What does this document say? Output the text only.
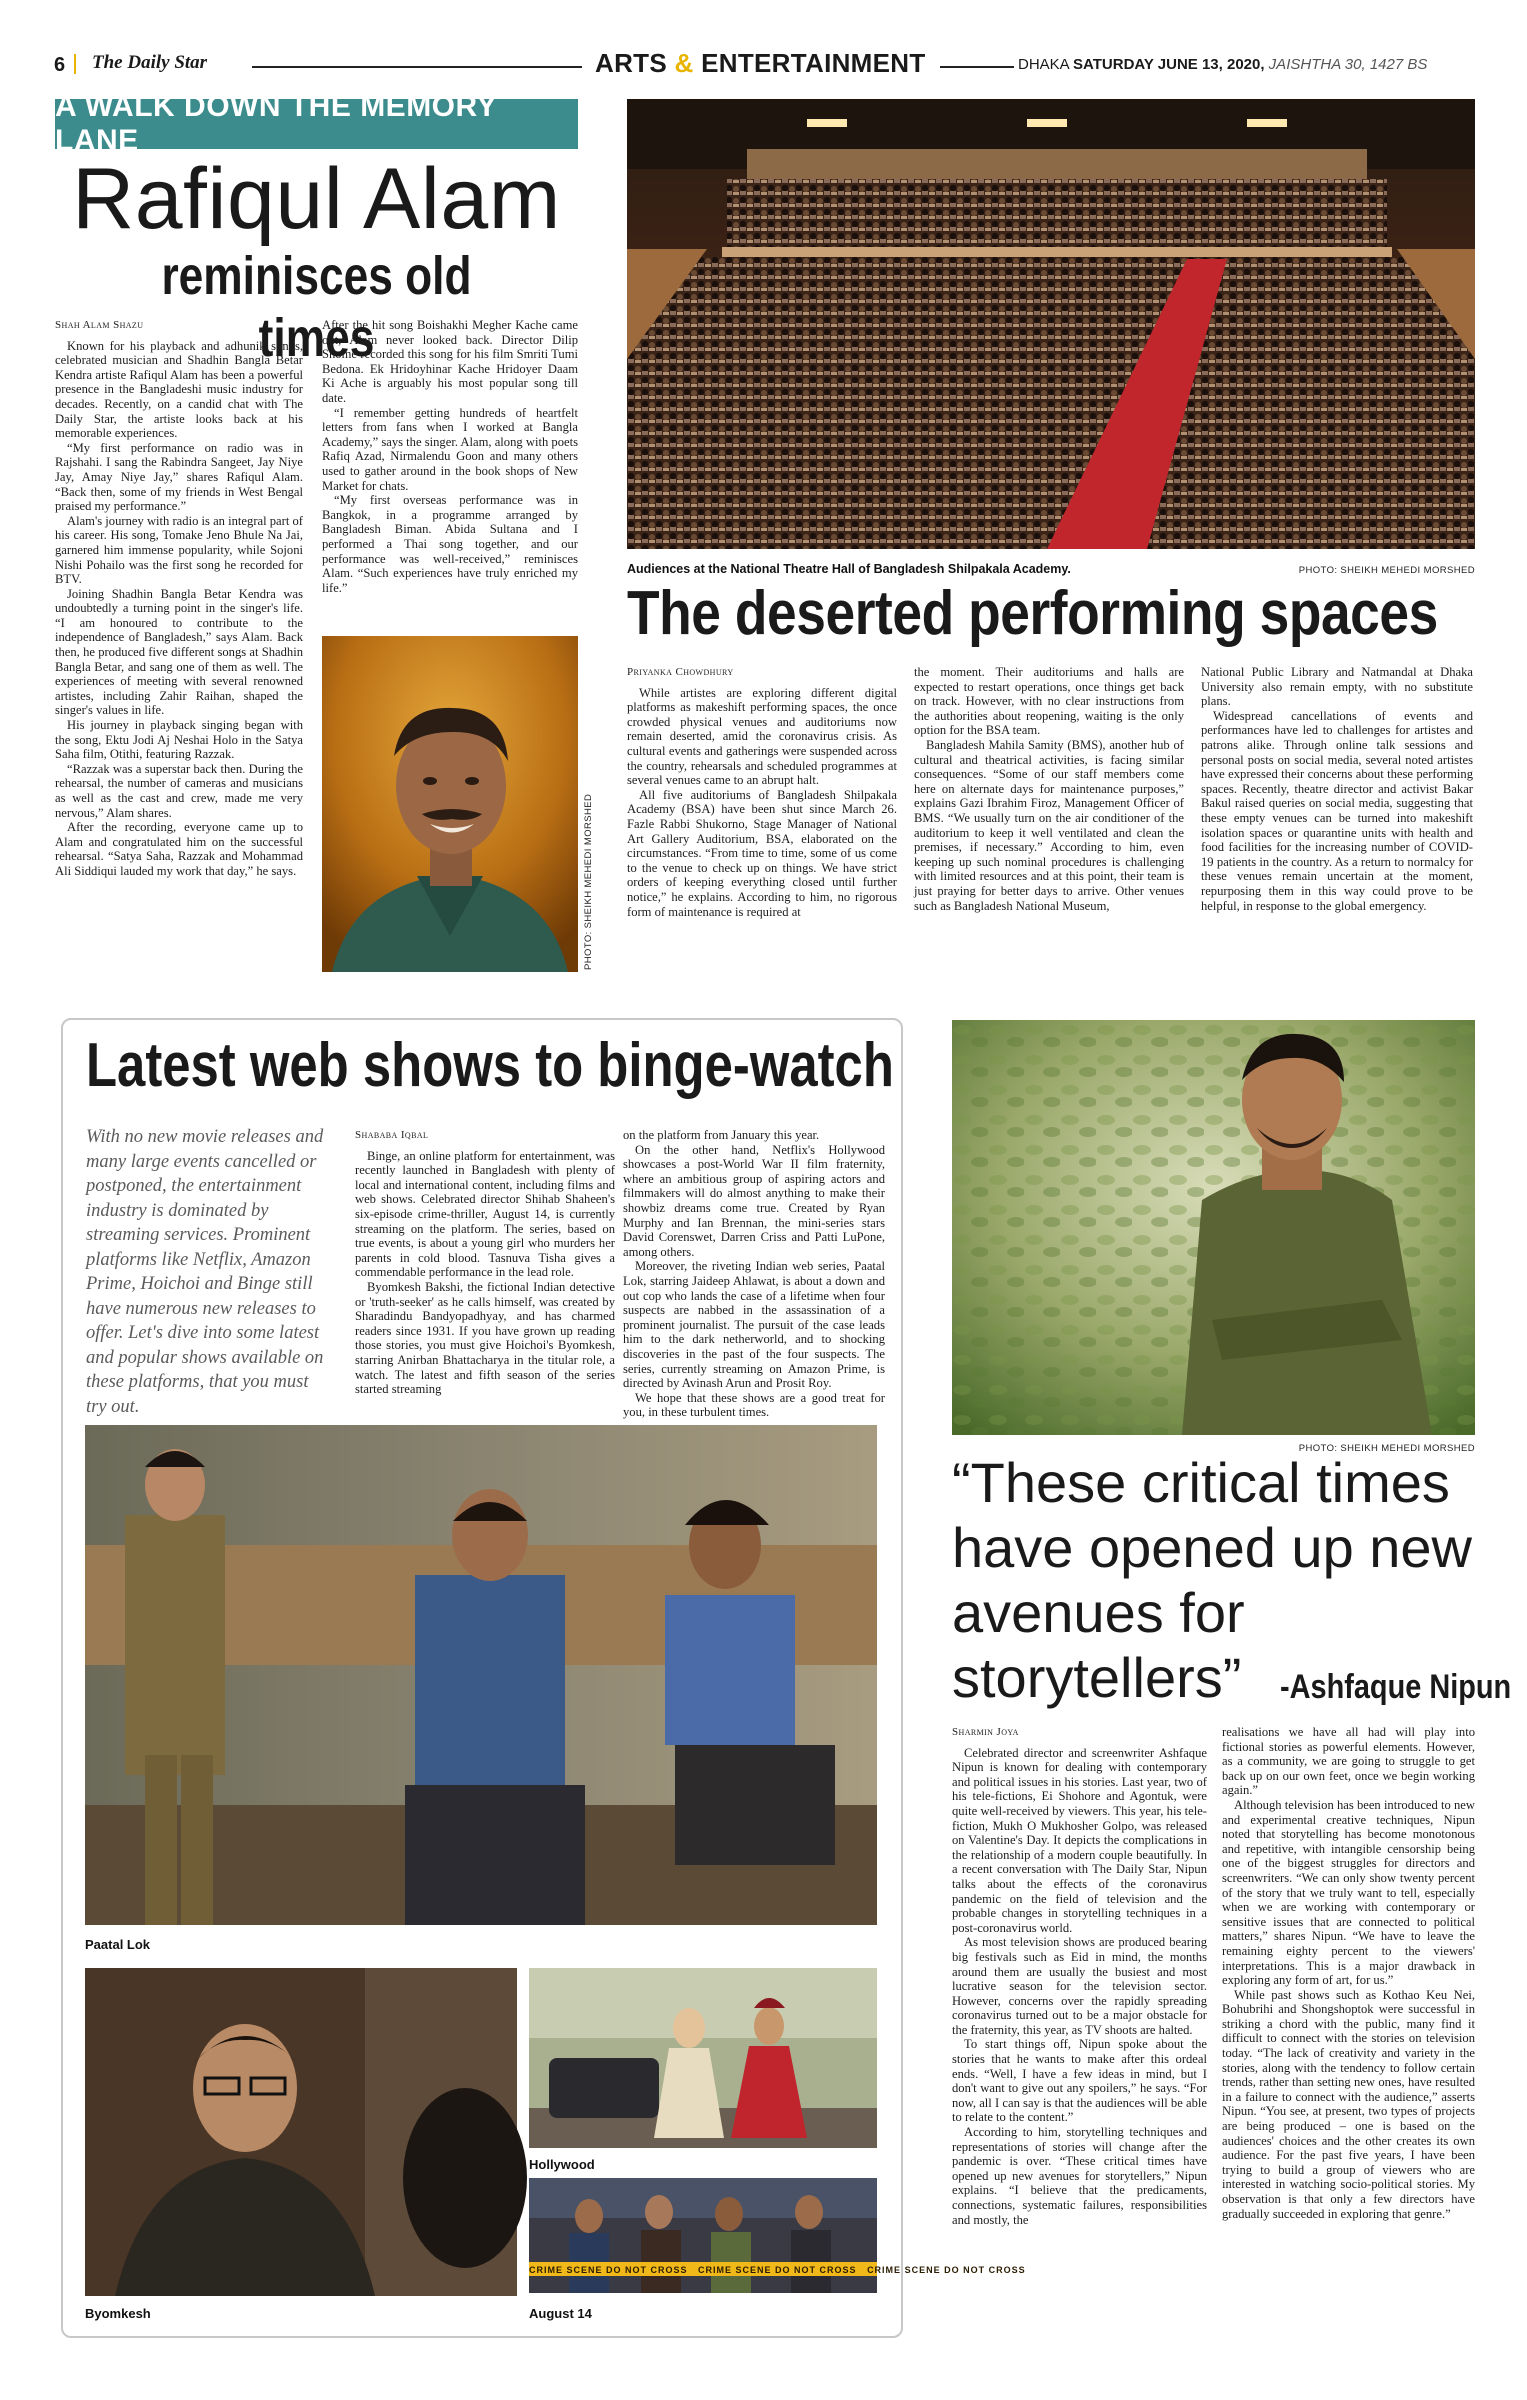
6 The Daily Star	ARTS & ENTERTAINMENT	DHAKA SATURDAY JUNE 13, 2020, JAISHTHA 30, 1427 BS
A WALK DOWN THE MEMORY LANE
Rafiqul Alam
reminisces old times
Shah Alam Shazu

Known for his playback and adhunik songs, celebrated musician and Shadhin Bangla Betar Kendra artiste Rafiqul Alam has been a powerful presence in the Bangladeshi music industry for decades. Recently, on a candid chat with The Daily Star, the artiste looks back at his memorable experiences.

“My first performance on radio was in Rajshahi. I sang the Rabindra Sangeet, Jay Niye Jay, Amay Niye Jay,” shares Rafiqul Alam. “Back then, some of my friends in West Bengal praised my performance.”

Alam's journey with radio is an integral part of his career. His song, Tomake Jeno Bhule Na Jai, garnered him immense popularity, while Sojoni Nishi Pohailo was the first song he recorded for BTV.

Joining Shadhin Bangla Betar Kendra was undoubtedly a turning point in the singer's life. “I am honoured to contribute to the independence of Bangladesh,” says Alam. Back then, he produced five different songs at Shadhin Bangla Betar, and sang one of them as well. The experiences of meeting with several renowned artistes, including Zahir Raihan, shaped the singer's values in life.

His journey in playback singing began with the song, Ektu Jodi Aj Neshai Holo in the Satya Saha film, Otithi, featuring Razzak.

“Razzak was a superstar back then. During the rehearsal, the number of cameras and musicians as well as the cast and crew, made me very nervous,” Alam shares.

After the recording, everyone came up to Alam and congratulated him on the successful rehearsal. “Satya Saha, Razzak and Mohammad Ali Siddiqui lauded my work that day,” he says.

After the hit song Boishakhi Megher Kache came out, Alam never looked back. Director Dilip Shome recorded this song for his film Smriti Tumi Bedona. Ek Hridoyhinar Kache Hridoyer Daam Ki Ache is arguably his most popular song till date.

“I remember getting hundreds of heartfelt letters from fans when I worked at Bangla Academy,” says the singer. Alam, along with poets Rafiq Azad, Nirmalendu Goon and many others used to gather around in the book shops of New Market for chats.

“My first overseas performance was in Bangkok, in a programme arranged by Bangladesh Biman. Abida Sultana and I performed a Thai song together, and our performance was well-received,” reminisces Alam. “Such experiences have truly enriched my life.”

PHOTO: SHEIKH MEHEDI MORSHED
Audiences at the National Theatre Hall of Bangladesh Shilpakala Academy.	PHOTO: SHEIKH MEHEDI MORSHED
The deserted performing spaces
Priyanka Chowdhury

While artistes are exploring different digital platforms as makeshift performing spaces, the once crowded physical venues and auditoriums now remain deserted, amid the coronavirus crisis. As cultural events and gatherings were suspended across the country, rehearsals and scheduled programmes at several venues came to an abrupt halt.

All five auditoriums of Bangladesh Shilpakala Academy (BSA) have been shut since March 26. Fazle Rabbi Shukorno, Stage Manager of National Art Gallery Auditorium, BSA, elaborated on the circumstances. “From time to time, some of us come to the venue to check up on things. We have strict orders of keeping everything closed until further notice,” he explains. According to him, no rigorous form of maintenance is required at

the moment. Their auditoriums and halls are expected to restart operations, once things get back on track. However, with no clear instructions from the authorities about reopening, waiting is the only option for the BSA team.

Bangladesh Mahila Samity (BMS), another hub of cultural and theatrical activities, is facing similar consequences. “Some of our staff members come here on alternate days for maintenance purposes,” explains Gazi Ibrahim Firoz, Management Officer of BMS. “We usually turn on the air conditioner of the auditorium to keep it well ventilated and clean the premises, if necessary.” According to him, even keeping up such nominal procedures is challenging with limited resources and at this point, their team is just praying for better days to arrive. Other venues such as Bangladesh National Museum,

National Public Library and Natmandal at Dhaka University also remain empty, with no substitute plans.

Widespread cancellations of events and performances have led to challenges for artistes and patrons alike. Through online talk sessions and personal posts on social media, several noted artistes have expressed their concerns about these performing spaces. Recently, theatre director and activist Bakar Bakul raised queries on social media, suggesting that these empty venues can be turned into makeshift isolation spaces or quarantine units with health and food facilities for the increasing number of COVID-19 patients in the country. As a return to normalcy for these venues remain uncertain at the moment, repurposing them in this way could prove to be helpful, in response to the global emergency.

Latest web shows to binge-watch
With no new movie releases and many large events cancelled or postponed, the entertainment industry is dominated by streaming services. Prominent platforms like Netflix, Amazon Prime, Hoichoi and Binge still have numerous new releases to offer. Let's dive into some latest and popular shows available on these platforms, that you must try out.
Shababa Iqbal

Binge, an online platform for entertainment, was recently launched in Bangladesh with plenty of local and international content, including films and web shows. Celebrated director Shihab Shaheen's six-episode crime-thriller, August 14, is currently streaming on the platform. The series, based on true events, is about a young girl who murders her parents in cold blood. Tasnuva Tisha gives a commendable performance in the lead role.

Byomkesh Bakshi, the fictional Indian detective or 'truth-seeker' as he calls himself, was created by Sharadindu Bandyopadhyay, and has charmed readers since 1931. If you have grown up reading those stories, you must give Hoichoi's Byomkesh, starring Anirban Bhattacharya in the titular role, a watch. The latest and fifth season of the series started streaming

on the platform from January this year.

On the other hand, Netflix's Hollywood showcases a post-World War II film fraternity, where an ambitious group of aspiring actors and filmmakers will do almost anything to make their showbiz dreams come true. Created by Ryan Murphy and Ian Brennan, the mini-series stars David Corenswet, Darren Criss and Patti LuPone, among others.

Moreover, the riveting Indian web series, Paatal Lok, starring Jaideep Ahlawat, is about a down and out cop who lands the case of a lifetime when four suspects are nabbed in the assassination of a prominent journalist. The pursuit of the case leads him to the dark netherworld, and to shocking discoveries in the past of the four suspects. The series, currently streaming on Amazon Prime, is directed by Avinash Arun and Prosit Roy.

We hope that these shows are a good treat for you, in these turbulent times.

Paatal Lok
Byomkesh
Hollywood
CRIME SCENE DO NOT CROSS CRIME SCENE DO NOT CROSS CRIME SCENE DO NOT CROSS
August 14
PHOTO: SHEIKH MEHEDI MORSHED
“These critical times have opened up new avenues for storytellers”	-Ashfaque Nipun
Sharmin Joya

Celebrated director and screenwriter Ashfaque Nipun is known for dealing with contemporary and political issues in his stories. Last year, two of his tele-fictions, Ei Shohore and Agontuk, were quite well-received by viewers. This year, his tele-fiction, Mukh O Mukhosher Golpo, was released on Valentine's Day. It depicts the complications in the relationship of a modern couple beautifully. In a recent conversation with The Daily Star, Nipun talks about the effects of the coronavirus pandemic on the field of television and the probable changes in storytelling techniques in a post-coronavirus world.

As most television shows are produced bearing big festivals such as Eid in mind, the months around them are usually the busiest and most lucrative season for the television sector. However, concerns over the rapidly spreading coronavirus turned out to be a major obstacle for the fraternity, this year, as TV shoots are halted.

To start things off, Nipun spoke about the stories that he wants to make after this ordeal ends. “Well, I have a few ideas in mind, but I don't want to give out any spoilers,” he says. “For now, all I can say is that the audiences will be able to relate to the content.”

According to him, storytelling techniques and representations of stories will change after the pandemic is over. “These critical times have opened up new avenues for storytellers,” Nipun explains. “I believe that the predicaments, connections, systematic failures, responsibilities and mostly, the

realisations we have all had will play into fictional stories as powerful elements. However, as a community, we are going to struggle to get back up on our own feet, once we begin working again.”

Although television has been introduced to new and experimental creative techniques, Nipun noted that storytelling has become monotonous and repetitive, with intangible censorship being one of the biggest struggles for directors and screenwriters. “We can only show twenty percent of the story that we truly want to tell, especially when we are working with contemporary or sensitive issues that are connected to political matters,” shares Nipun. “We have to leave the remaining eighty percent to the viewers' interpretations. This is a major drawback in exploring any form of art, for us.”

While past shows such as Kothao Keu Nei, Bohubrihi and Shongshoptok were successful in striking a chord with the public, many find it difficult to connect with the stories on television today. “The lack of creativity and variety in the stories, along with the tendency to follow certain trends, rather than setting new ones, have resulted in a failure to connect with the audience,” asserts Nipun. “You see, at present, two types of projects are being produced – one is based on the audiences' choices and the other creates its own audience. For the past five years, I have been trying to build a group of viewers who are interested in watching socio-political stories. My observation is that only a few directors have gradually succeeded in exploring that genre.”
